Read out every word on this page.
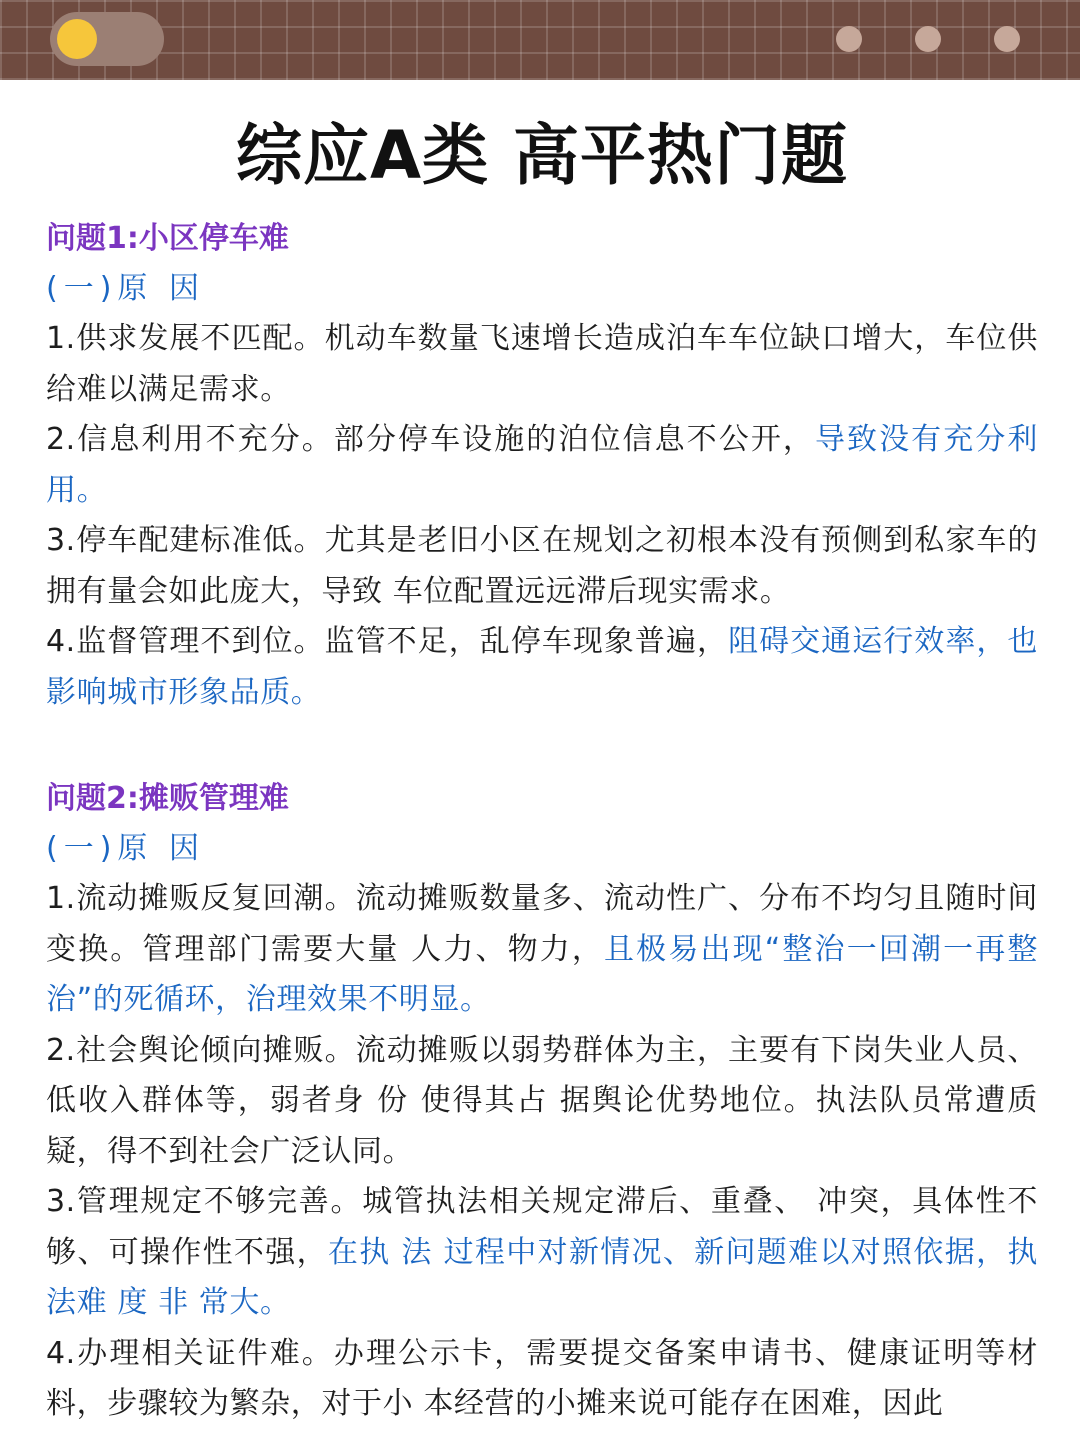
综应A类 高平热门题
问题1:小区停车难
(一)原 因

1.供求发展不匹配。机动车数量飞速增长造成泊车车位缺口增大，车位供给难以满足需求。

2.信息利用不充分。部分停车设施的泊位信息不公开，导致没有充分利用。

3.停车配建标准低。尤其是老旧小区在规划之初根本没有预侧到私家车的拥有量会如此庞大，导致 车位配置远远滞后现实需求。

4.监督管理不到位。监管不足，乱停车现象普遍，阻碍交通运行效率，也影响城市形象品质。

问题2:摊贩管理难
(一)原 因

1.流动摊贩反复回潮。流动摊贩数量多、流动性广、分布不均匀且随时间变换。管理部门需要大量 人力、物力，且极易出现“整治一回潮一再整治”的死循环，治理效果不明显。

2.社会舆论倾向摊贩。流动摊贩以弱势群体为主，主要有下岗失业人员、低收入群体等，弱者身 份 使得其占 据舆论优势地位。执法队员常遭质疑，得不到社会广泛认同。

3.管理规定不够完善。城管执法相关规定滞后、重叠、 冲突，具体性不够、可操作性不强，在执 法 过程中对新情况、新问题难以对照依据，执法难 度 非 常大。

4.办理相关证件难。办理公示卡，需要提交备案申请书、健康证明等材料，步骤较为繁杂，对于小 本经营的小摊来说可能存在困难，因此
